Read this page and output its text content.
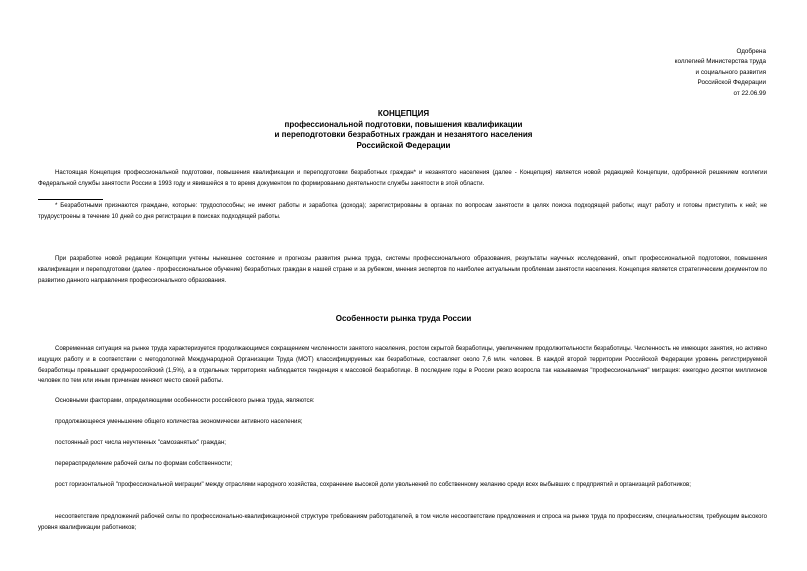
Одобрена
коллегией Министерства труда
и социального развития
Российской Федерации
от 22.06.99
КОНЦЕПЦИЯ
профессиональной подготовки, повышения квалификации
и переподготовки безработных граждан и незанятого населения
Российской Федерации

Настоящая Концепция профессиональной подготовки, повышения квалификации и переподготовки безработных граждан* и незанятого населения (далее - Концепция) является новой редакцией Концепции, одобренной решением коллегии Федеральной службы занятости России в 1993 году и явившейся в то время документом по формированию деятельности службы занятости в этой области.

* Безработными признаются граждане, которые: трудоспособны; не имеют работы и заработка (дохода); зарегистрированы в органах по вопросам занятости в целях поиска подходящей работы; ищут работу и готовы приступить к ней; не трудоустроены в течение 10 дней со дня регистрации в поисках подходящей работы.

При разработке новой редакции Концепции учтены нынешнее состояние и прогнозы развития рынка труда, системы профессионального образования, результаты научных исследований, опыт профессиональной подготовки, повышения квалификации и переподготовки (далее - профессиональное обучение) безработных граждан в нашей стране и за рубежом, мнения экспертов по наиболее актуальным проблемам занятости населения. Концепция является стратегическим документом по развитию данного направления профессионального образования.

Особенности рынка труда России

Современная ситуация на рынке труда характеризуется продолжающимся сокращением численности занятого населения, ростом скрытой безработицы, увеличением продолжительности безработицы. Численность не имеющих занятия, но активно ищущих работу и в соответствии с методологией Международной Организации Труда (МОТ) классифицируемых как безработные, составляет около 7,6 млн. человек. В каждой второй территории Российской Федерации уровень регистрируемой безработицы превышает среднероссийский (1,5%), а в отдельных территориях наблюдается тенденция к массовой безработице. В последние годы в России резко возросла так называемая "профессиональная" миграция: ежегодно десятки миллионов человек по тем или иным причинам меняют место своей работы.

Основными факторами, определяющими особенности российского рынка труда, являются:

продолжающееся уменьшение общего количества экономически активного населения;

постоянный рост числа неучтенных "самозанятых" граждан;

перераспределение рабочей силы по формам собственности;

рост горизонтальной "профессиональной миграции" между отраслями народного хозяйства, сохранение высокой доли увольнений по собственному желанию среди всех выбывших с предприятий и организаций работников;

несоответствие предложений рабочей силы по профессионально-квалификационной структуре требованиям работодателей, в том числе несоответствие предложения и спроса на рынке труда по профессиям, специальностям, требующим высокого уровня квалификации работников;
